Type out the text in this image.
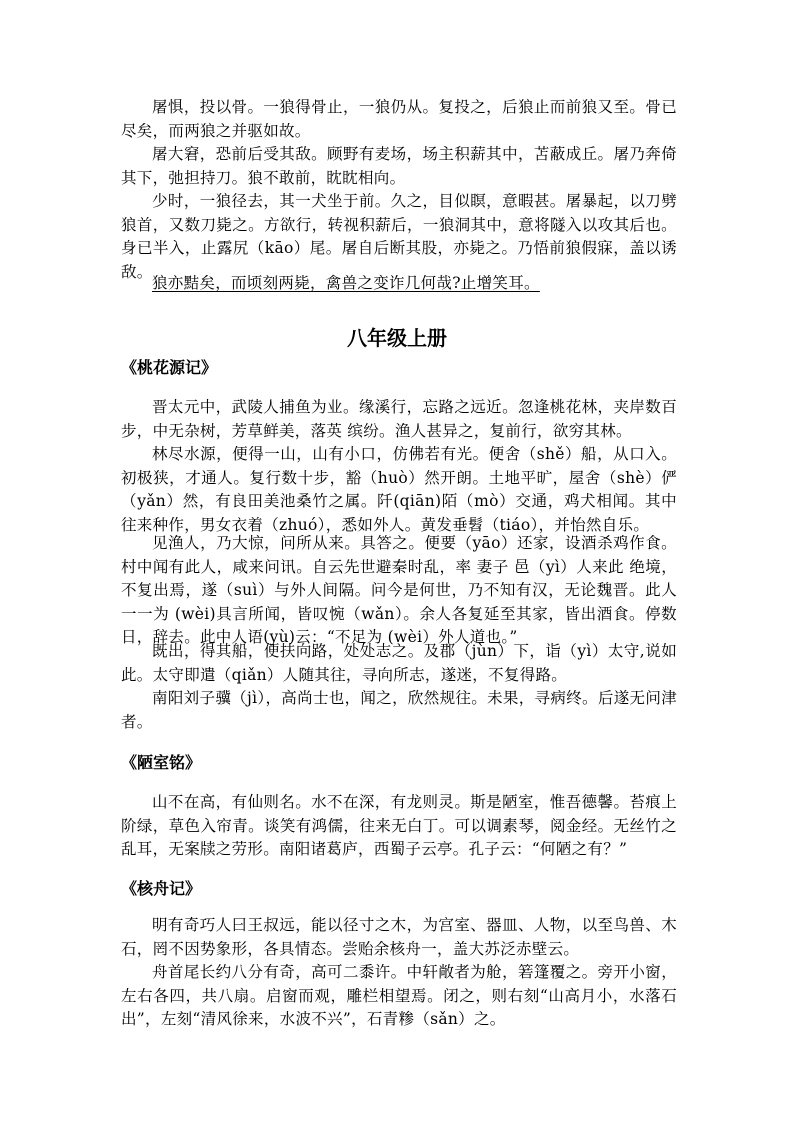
屠惧，投以骨。一狼得骨止，一狼仍从。复投之，后狼止而前狼又至。骨已尽矣，而两狼之并驱如故。

屠大窘，恐前后受其敌。顾野有麦场，场主积薪其中，苫蔽成丘。屠乃奔倚其下，弛担持刀。狼不敢前，眈眈相向。

少时，一狼径去，其一犬坐于前。久之，目似瞑，意暇甚。屠暴起，以刀劈狼首，又数刀毙之。方欲行，转视积薪后，一狼洞其中，意将隧入以攻其后也。身已半入，止露尻（kāo）尾。屠自后断其股，亦毙之。乃悟前狼假寐，盖以诱敌。

狼亦黠矣，而顷刻两毙，禽兽之变诈几何哉?止增笑耳。

八年级上册
《桃花源记》

晋太元中，武陵人捕鱼为业。缘溪行，忘路之远近。忽逢桃花林，夹岸数百步，中无杂树，芳草鲜美，落英 缤纷。渔人甚异之，复前行，欲穷其林。

林尽水源，便得一山，山有小口，仿佛若有光。便舍（shě）船，从口入。初极狭，才通人。复行数十步，豁（huò）然开朗。土地平旷，屋舍（shè）俨（yǎn）然，有良田美池桑竹之属。阡(qiān)陌（mò）交通，鸡犬相闻。其中往来种作，男女衣着（zhuó），悉如外人。黄发垂髫（tiáo），并怡然自乐。

见渔人，乃大惊，问所从来。具答之。便要（yāo）还家，设酒杀鸡作食。村中闻有此人，咸来问讯。自云先世避秦时乱，率 妻子 邑（yì）人来此 绝境，不复出焉，遂（suì）与外人间隔。问今是何世，乃不知有汉，无论魏晋。此人一一为 (wèi)具言所闻，皆叹惋（wǎn）。余人各复延至其家，皆出酒食。停数日，辞去。此中人语(yù)云：“不足为 (wèi）外人道也。”

既出，得其船，便扶向路，处处志之。及郡（jùn）下，诣（yì）太守,说如此。太守即遣（qiǎn）人随其往，寻向所志，遂迷，不复得路。

南阳刘子骥（jì），高尚士也，闻之，欣然规往。未果，寻病终。后遂无问津者。

《陋室铭》

山不在高，有仙则名。水不在深，有龙则灵。斯是陋室，惟吾德馨。苔痕上阶绿，草色入帘青。谈笑有鸿儒，往来无白丁。可以调素琴，阅金经。无丝竹之乱耳，无案牍之劳形。南阳诸葛庐，西蜀子云亭。孔子云：“何陋之有？”

《核舟记》

明有奇巧人曰王叔远，能以径寸之木，为宫室、器皿、人物，以至鸟兽、木石，罔不因势象形，各具情态。尝贻余核舟一，盖大苏泛赤壁云。

舟首尾长约八分有奇，高可二黍许。中轩敞者为舱，箬篷覆之。旁开小窗，左右各四，共八扇。启窗而观，雕栏相望焉。闭之，则右刻“山高月小，水落石出”，左刻“清风徐来，水波不兴”，石青糁（sǎn）之。
